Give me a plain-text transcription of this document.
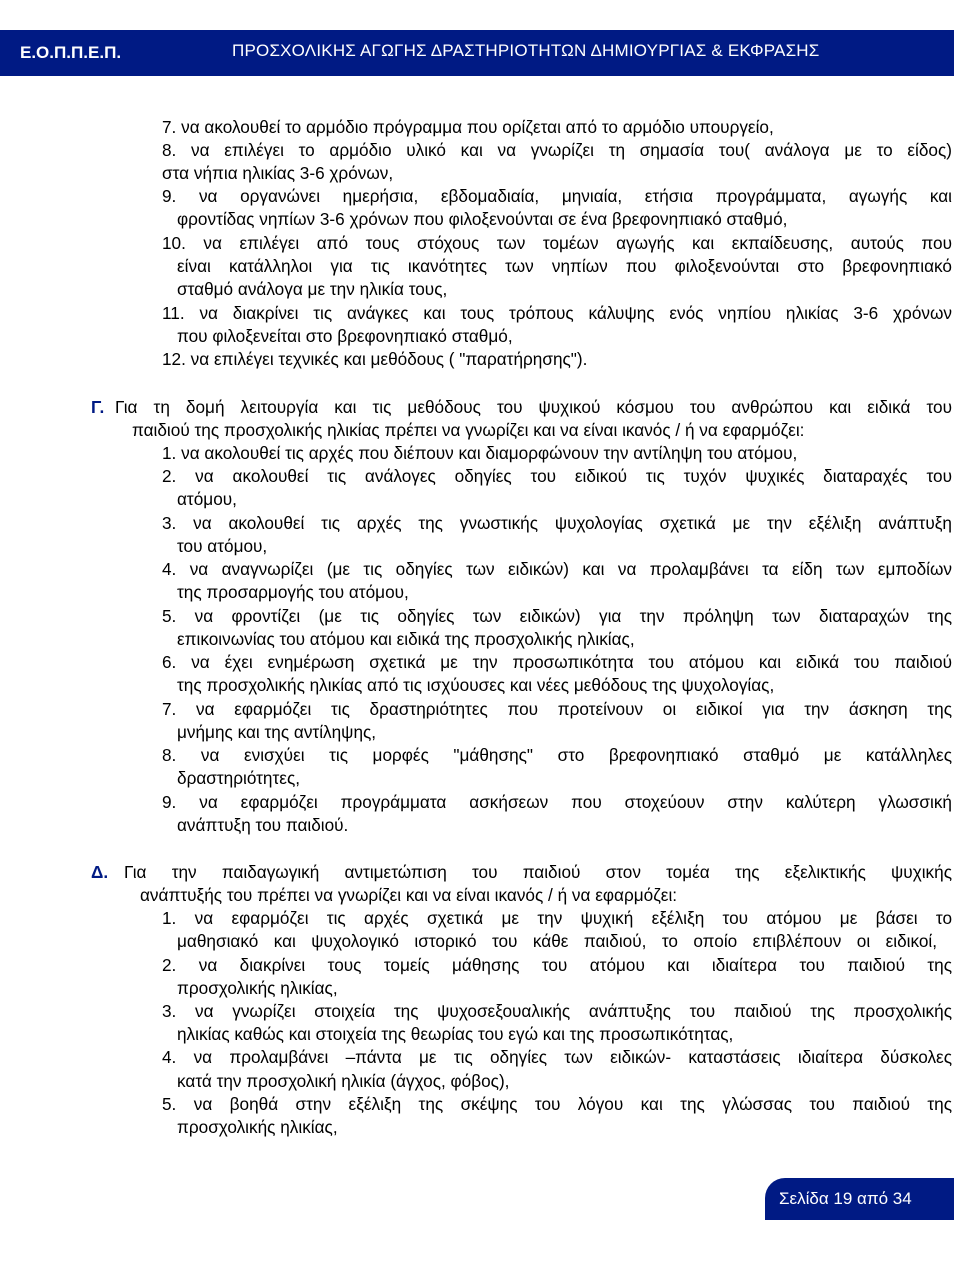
Ε.Ο.Π.Π.Ε.Π.	ΠΡΟΣΧΟΛΙΚΗΣ ΑΓΩΓΗΣ ΔΡΑΣΤΗΡΙΟΤΗΤΩΝ ΔΗΜΙΟΥΡΓΙΑΣ & ΕΚΦΡΑΣΗΣ
7. να ακολουθεί το αρμόδιο πρόγραμμα που ορίζεται από το αρμόδιο υπουργείο,
8. να επιλέγει το αρμόδιο υλικό και να γνωρίζει τη σημασία του( ανάλογα με το είδος)
στα νήπια ηλικίας 3-6 χρόνων,
9. να οργανώνει ημερήσια, εβδομαδιαία, μηνιαία, ετήσια προγράμματα, αγωγής και
φροντίδας νηπίων 3-6 χρόνων που φιλοξενούνται σε ένα βρεφονηπιακό σταθμό,
10. να επιλέγει από τους στόχους των τομέων αγωγής και εκπαίδευσης, αυτούς που
είναι κατάλληλοι για τις ικανότητες των νηπίων που φιλοξενούνται στο βρεφονηπιακό
σταθμό ανάλογα με την ηλικία τους,
11. να διακρίνει τις ανάγκες και τους τρόπους κάλυψης ενός νηπίου ηλικίας 3-6 χρόνων
που φιλοξενείται στο βρεφονηπιακό σταθμό,
12. να επιλέγει τεχνικές και μεθόδους ( "παρατήρησης").
Γ. Για τη δομή λειτουργία και τις μεθόδους του ψυχικού κόσμου του ανθρώπου και ειδικά του
παιδιού της προσχολικής ηλικίας πρέπει να γνωρίζει και να είναι ικανός / ή να εφαρμόζει:
1. να ακολουθεί τις αρχές που διέπουν και διαμορφώνουν την αντίληψη του ατόμου,
2. να ακολουθεί τις ανάλογες οδηγίες του ειδικού τις τυχόν ψυχικές διαταραχές του
ατόμου,
3. να ακολουθεί τις αρχές της γνωστικής ψυχολογίας σχετικά με την εξέλιξη ανάπτυξη
του ατόμου,
4. να αναγνωρίζει (με τις οδηγίες των ειδικών) και να προλαμβάνει τα είδη των εμποδίων
της προσαρμογής του ατόμου,
5. να φροντίζει (με τις οδηγίες των ειδικών) για την πρόληψη των διαταραχών της
επικοινωνίας του ατόμου και ειδικά της προσχολικής ηλικίας,
6. να έχει ενημέρωση σχετικά με την προσωπικότητα του ατόμου και ειδικά του παιδιού
της προσχολικής ηλικίας από τις ισχύουσες και νέες μεθόδους της ψυχολογίας,
7. να εφαρμόζει τις δραστηριότητες που προτείνουν οι ειδικοί για την άσκηση της
μνήμης και της αντίληψης,
8. να ενισχύει τις μορφές "μάθησης" στο βρεφονηπιακό σταθμό με κατάλληλες
δραστηριότητες,
9. να εφαρμόζει προγράμματα ασκήσεων που στοχεύουν στην καλύτερη γλωσσική
ανάπτυξη του παιδιού.
Δ. Για την παιδαγωγική αντιμετώπιση του παιδιού στον τομέα της εξελικτικής ψυχικής
ανάπτυξής του πρέπει να γνωρίζει και να είναι ικανός / ή να εφαρμόζει:
1. να εφαρμόζει τις αρχές σχετικά με την ψυχική εξέλιξη του ατόμου με βάσει το
μαθησιακό και ψυχολογικό ιστορικό του κάθε παιδιού, το οποίο επιβλέπουν οι ειδικοί,
2. να διακρίνει τους τομείς μάθησης του ατόμου και ιδιαίτερα του παιδιού της
προσχολικής ηλικίας,
3. να γνωρίζει στοιχεία της ψυχοσεξουαλικής ανάπτυξης του παιδιού της προσχολικής
ηλικίας καθώς και στοιχεία της θεωρίας του εγώ και της προσωπικότητας,
4. να προλαμβάνει –πάντα με τις οδηγίες των ειδικών- καταστάσεις ιδιαίτερα δύσκολες
κατά την προσχολική ηλικία (άγχος, φόβος),
5. να βοηθά στην εξέλιξη της σκέψης του λόγου και της γλώσσας του παιδιού της
προσχολικής ηλικίας,
Σελίδα 19 από 34
